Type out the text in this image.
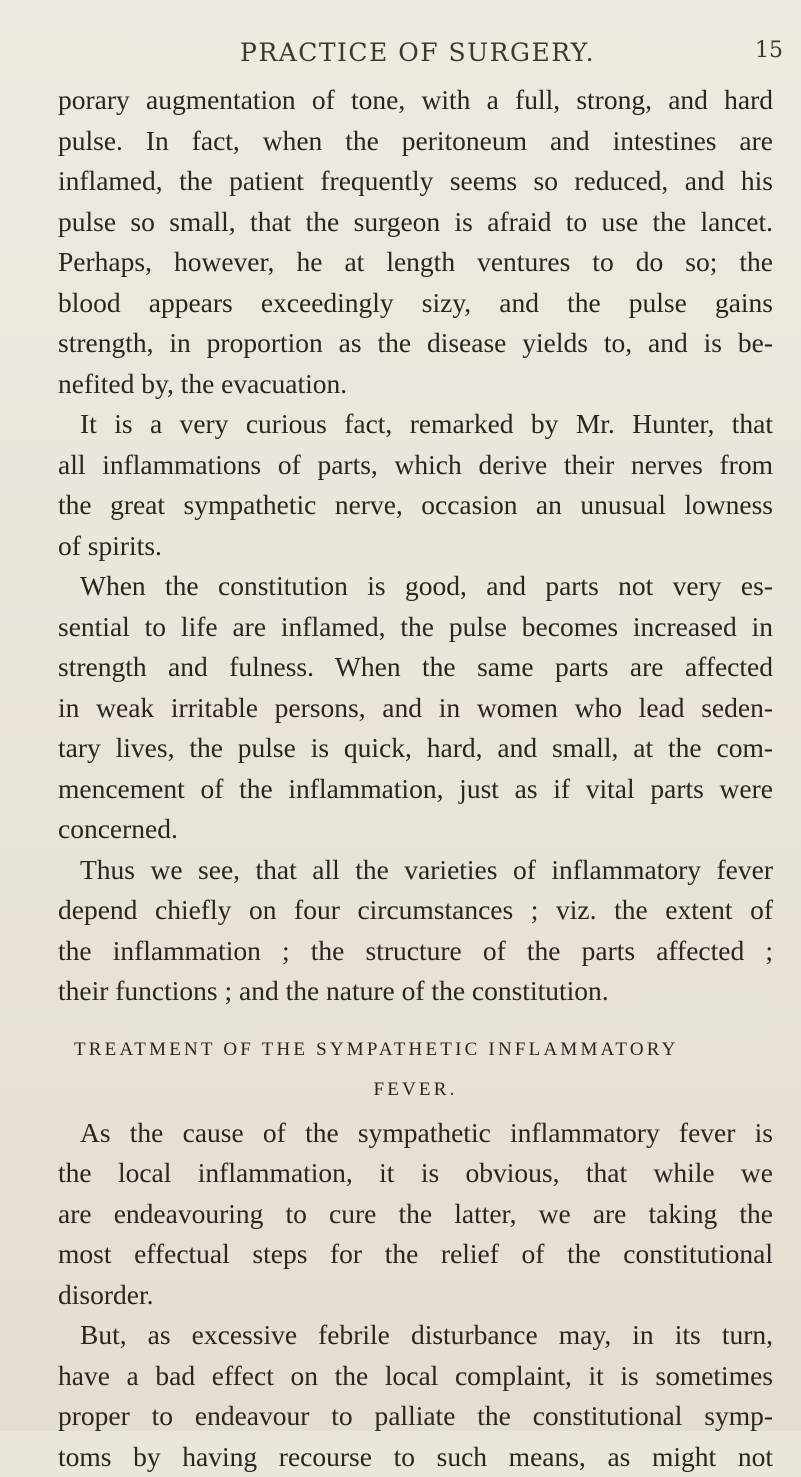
PRACTICE OF SURGERY.	15
porary augmentation of tone, with a full, strong, and hard
pulse. In fact, when the peritoneum and intestines are
inflamed, the patient frequently seems so reduced, and his
pulse so small, that the surgeon is afraid to use the lancet.
Perhaps, however, he at length ventures to do so; the
blood appears exceedingly sizy, and the pulse gains
strength, in proportion as the disease yields to, and is be-
nefited by, the evacuation.
It is a very curious fact, remarked by Mr. Hunter, that
all inflammations of parts, which derive their nerves from
the great sympathetic nerve, occasion an unusual lowness
of spirits.
When the constitution is good, and parts not very es-
sential to life are inflamed, the pulse becomes increased in
strength and fulness. When the same parts are affected
in weak irritable persons, and in women who lead seden-
tary lives, the pulse is quick, hard, and small, at the com-
mencement of the inflammation, just as if vital parts were
concerned.
Thus we see, that all the varieties of inflammatory fever
depend chiefly on four circumstances ; viz. the extent of
the inflammation ; the structure of the parts affected ;
their functions ; and the nature of the constitution.
TREATMENT OF THE SYMPATHETIC INFLAMMATORY
FEVER.
As the cause of the sympathetic inflammatory fever is
the local inflammation, it is obvious, that while we
are endeavouring to cure the latter, we are taking the
most effectual steps for the relief of the constitutional
disorder.
But, as excessive febrile disturbance may, in its turn,
have a bad effect on the local complaint, it is sometimes
proper to endeavour to palliate the constitutional symp-
toms by having recourse to such means, as might not
